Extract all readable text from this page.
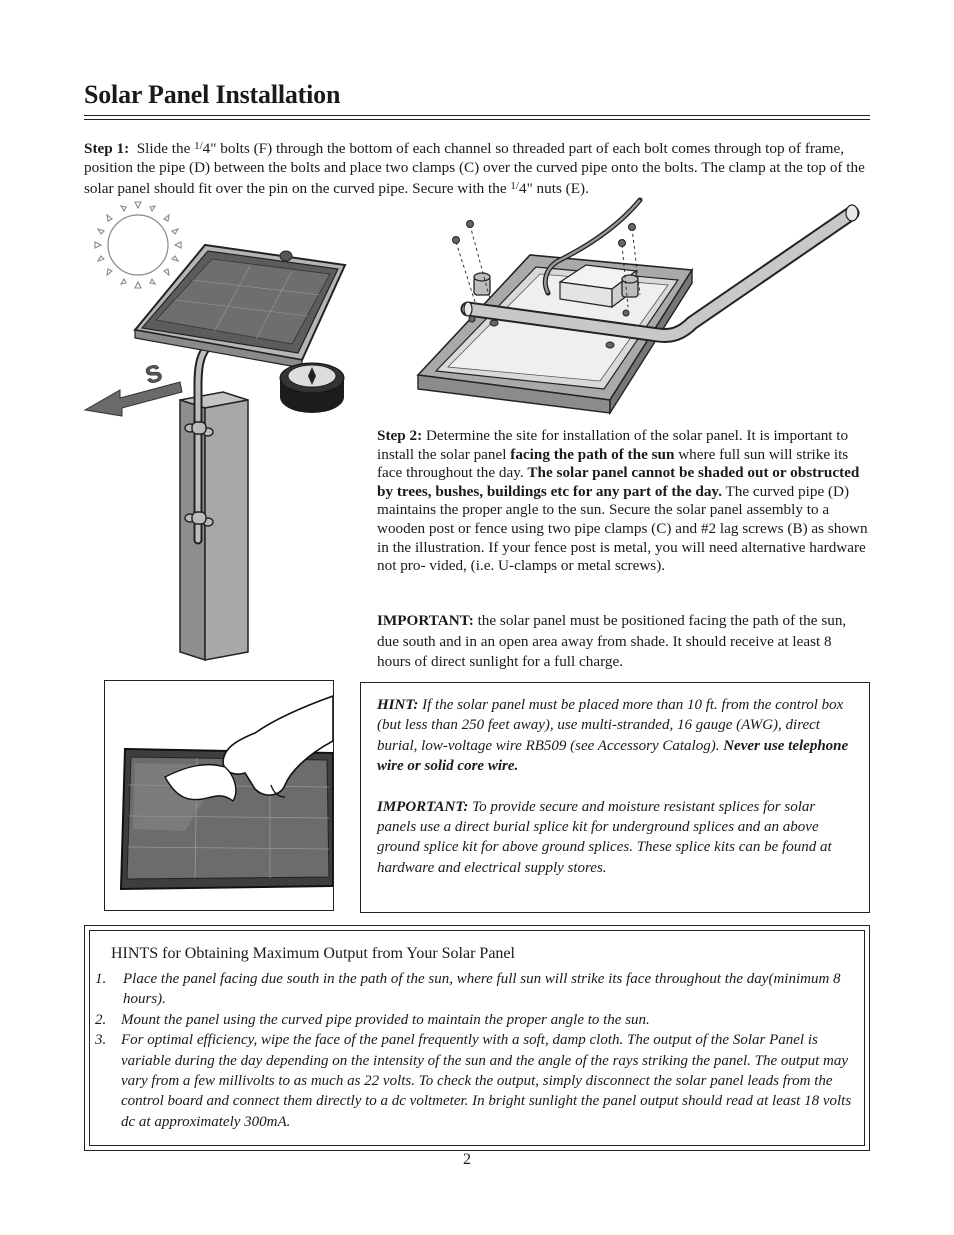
Solar Panel Installation
Step 1: Slide the $^{1/}$4" bolts (F) through the bottom of each channel so threaded part of each bolt comes through top of frame, position the pipe (D) between the bolts and place two clamps (C) over the curved pipe onto the bolts. The clamp at the top of the solar panel should fit over the pin on the curved pipe. Secure with the $^{1/}$4" nuts (E).
S
Step 2: Determine the site for installation of the solar panel. It is important to install the solar panel facing the path of the sun where full sun will strike its face throughout the day. The solar panel cannot be shaded out or obstructed by trees, bushes, buildings etc for any part of the day. The curved pipe (D) maintains the proper angle to the sun. Secure the solar panel assembly to a wooden post or fence using two pipe clamps (C) and #2 lag screws (B) as shown in the illustration. If your fence post is metal, you will need alternative hardware not pro- vided, (i.e. U-clamps or metal screws).
IMPORTANT: the solar panel must be positioned facing the path of the sun, due south and in an open area away from shade. It should receive at least 8 hours of direct sunlight for a full charge.
HINT: If the solar panel must be placed more than 10 ft. from the control box (but less than 250 feet away), use multi-stranded, 16 gauge (AWG), direct burial, low-voltage wire RB509 (see Accessory Catalog). Never use telephone wire or solid core wire.
IMPORTANT: To provide secure and moisture resistant splices for solar panels use a direct burial splice kit for underground splices and an above ground splice kit for above ground splices. These splice kits can be found at hardware and electrical supply stores.
HINTS for Obtaining Maximum Output from Your Solar Panel
1. Place the panel facing due south in the path of the sun, where full sun will strike its face throughout the day(minimum 8 hours).
2. Mount the panel using the curved pipe provided to maintain the proper angle to the sun.
3. For optimal efficiency, wipe the face of the panel frequently with a soft, damp cloth. The output of the Solar Panel is variable during the day depending on the intensity of the sun and the angle of the rays striking the panel. The output may vary from a few millivolts to as much as 22 volts. To check the output, simply disconnect the solar panel leads from the control board and connect them directly to a dc voltmeter. In bright sunlight the panel output should read at least 18 volts dc at approximately 300mA.
2
